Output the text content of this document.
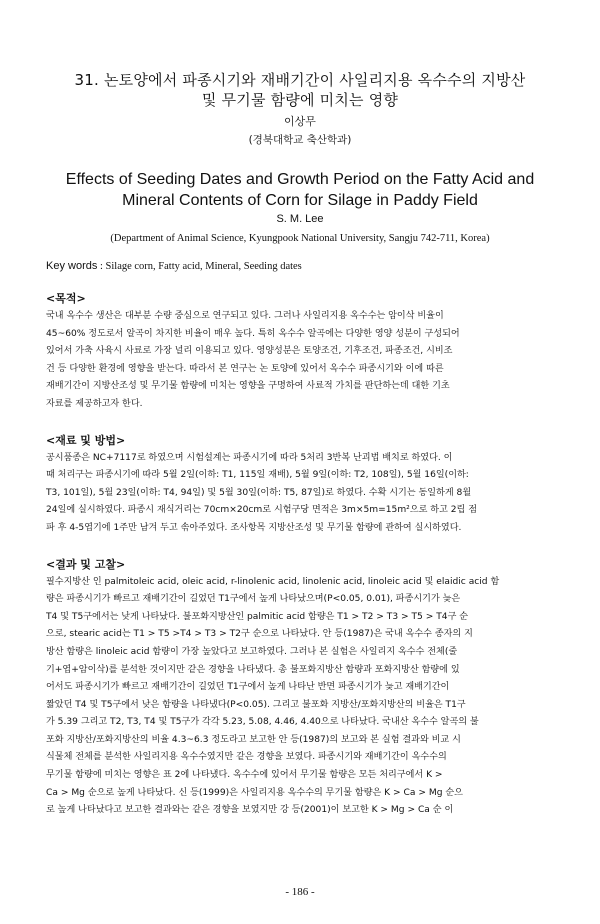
31. 논토양에서 파종시기와 재배기간이 사일리지용 옥수수의 지방산
및 무기물 함량에 미치는 영향
이상무
(경북대학교 축산학과)
Effects of Seeding Dates and Growth Period on the Fatty Acid and
Mineral Contents of Corn for Silage in Paddy Field
S. M. Lee
(Department of Animal Science, Kyungpook National University, Sangju 742-711, Korea)
Key words : Silage corn, Fatty acid, Mineral, Seeding dates
<목적>
국내 옥수수 생산은 대부분 수량 중심으로 연구되고 있다. 그러나 사일리지용 옥수수는 암이삭 비율이
45~60% 정도로서 알곡이 차지한 비율이 매우 높다. 특히 옥수수 알곡에는 다양한 영양 성분이 구성되어
있어서 가축 사육시 사료로 가장 널리 이용되고 있다. 영양성분은 토양조건, 기후조건, 파종조건, 시비조
건 등 다양한 환경에 영향을 받는다. 따라서 본 연구는 논 토양에 있어서 옥수수 파종시기와 이에 따른
재배기간이 지방산조성 및 무기물 함량에 미치는 영향을 구명하여 사료적 가치를 판단하는데 대한 기초
자료를 제공하고자 한다.
<재료 및 방법>
공시품종은 NC+7117로 하였으며 시험설계는 파종시기에 따라 5처리 3반복 난괴법 배치로 하였다. 이
때 처리구는 파종시기에 따라 5월 2일(이하: T1, 115일 재배), 5월 9일(이하: T2, 108일), 5월 16일(이하:
T3, 101일), 5월 23일(이하: T4, 94일) 및 5월 30일(이하: T5, 87일)로 하였다. 수확 시기는 동일하게 8월
24일에 실시하였다. 파종시 재식거리는 70cm×20cm로 시험구당 면적은 3m×5m=15m²으로 하고 2립 점
파 후 4-5엽기에 1주만 남겨 두고 솎아주었다. 조사항목 지방산조성 및 무기물 함량에 관하여 실시하였다.
<결과 및 고찰>
필수지방산 인 palmitoleic acid, oleic acid, r-linolenic acid, linolenic acid, linoleic acid 및 elaidic acid 함
량은 파종시기가 빠르고 재배기간이 길었던 T1구에서 높게 나타났으며(P<0.05, 0.01), 파종시기가 늦은
T4 및 T5구에서는 낮게 나타났다. 불포화지방산인 palmitic acid 함량은 T1 > T2 > T3 > T5 > T4구 순
으로, stearic acid는 T1 > T5 >T4 > T3 > T2구 순으로 나타났다. 안 등(1987)은 국내 옥수수 종자의 지
방산 함량은 linoleic acid 함량이 가장 높았다고 보고하였다. 그러나 본 실험은 사일리지 옥수수 전체(줄
기+엽+암이삭)를 분석한 것이지만 같은 경향을 나타냈다. 총 불포화지방산 함량과 포화지방산 함량에 있
어서도 파종시기가 빠르고 재배기간이 길었던 T1구에서 높게 나타난 반면 파종시기가 늦고 재배기간이
짧았던 T4 및 T5구에서 낮은 함량을 나타냈다(P<0.05). 그리고 불포화 지방산/포화지방산의 비율은 T1구
가 5.39 그리고 T2, T3, T4 및 T5구가 각각 5.23, 5.08, 4.46, 4.40으로 나타났다. 국내산 옥수수 알곡의 불
포화 지방산/포화지방산의 비율 4.3~6.3 정도라고 보고한 안 등(1987)의 보고와 본 실험 결과와 비교 시
식물체 전체를 분석한 사일리지용 옥수수였지만 같은 경향을 보였다. 파종시기와 재배기간이 옥수수의
무기물 함량에 미치는 영향은 표 2에 나타냈다. 옥수수에 있어서 무기물 함량은 모든 처리구에서 K >
Ca > Mg 순으로 높게 나타났다. 신 등(1999)은 사일리지용 옥수수의 무기물 함량은 K > Ca > Mg 순으
로 높게 나타났다고 보고한 결과와는 같은 경향을 보였지만 강 등(2001)이 보고한 K > Mg > Ca 순 이
- 186 -
